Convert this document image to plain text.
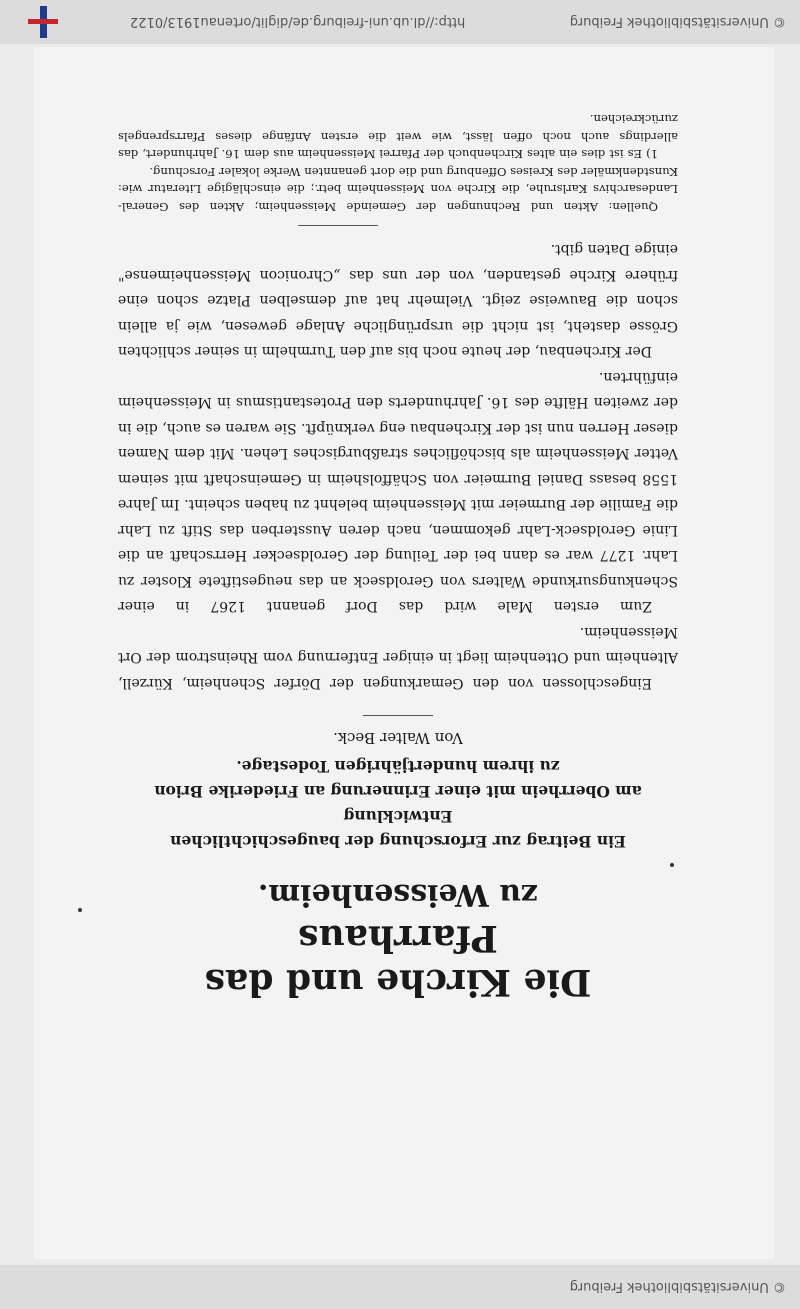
© Universitätsbibliothek Freiburg
Die Kirche und das Pfarrhaus
zu Weissenheim.

Ein Beitrag zur Erforschung der baugeschichtlichen Entwicklung

am Oberrhein mit einer Erinnerung an Friederike Brion

zu ihrem hundertjährigen Todestage.

Von Walter Beck.

Eingeschlossen von den Gemarkungen der Dörfer Schenheim, Kürzell, Altenheim und Ottenheim liegt in einiger Entfernung vom Rheinstrom der Ort Meissenheim.

Zum ersten Male wird das Dorf genannt 1267 in einer Schenkungsurkunde Walters von Geroldseck an das neugestiftete Kloster zu Lahr. 1277 war es dann bei der Teilung der Geroldsecker Herrschaft an die Linie Geroldseck-Lahr gekommen, nach deren Aussterben das Stift zu Lahr die Familie der Burmeier mit Meissenheim belehnt zu haben scheint. Im Jahre 1558 besass Daniel Burmeier von Schäffolsheim in Gemeinschaft mit seinem Vetter Meissenheim als bischöfliches straßburgisches Lehen. Mit dem Namen dieser Herren nun ist der Kirchenbau eng verknüpft. Sie waren es auch, die in der zweiten Hälfte des 16. Jahrhunderts den Protestantismus in Meissenheim einführten.

Der Kirchenbau, der heute noch bis auf den Turmhelm in seiner schlichten Grösse dasteht, ist nicht die ursprüngliche Anlage gewesen, wie ja allein schon die Bauweise zeigt. Vielmehr hat auf demselben Platze schon eine frühere Kirche gestanden, von der uns das „Chronicon Meissenheimense" einige Daten gibt.

Quellen: Akten und Rechnungen der Gemeinde Meissenheim; Akten des General-Landesarchivs Karlsruhe, die Kirche von Meissenheim betr.; die einschlägige Literatur wie: Kunstdenkmäler des Kreises Offenburg und die dort genannten Werke lokaler Forschung.

1) Es ist dies ein altes Kirchenbuch der Pfarrei Meissenheim aus dem 16. Jahrhundert, das allerdings auch noch offen lässt, wie weit die ersten Anfänge dieses Pfarrsprengels zurückreichen.

© Universitätsbibliothek Freiburg
http://dl.ub.uni-freiburg.de/diglit/ortenau1913/0122
